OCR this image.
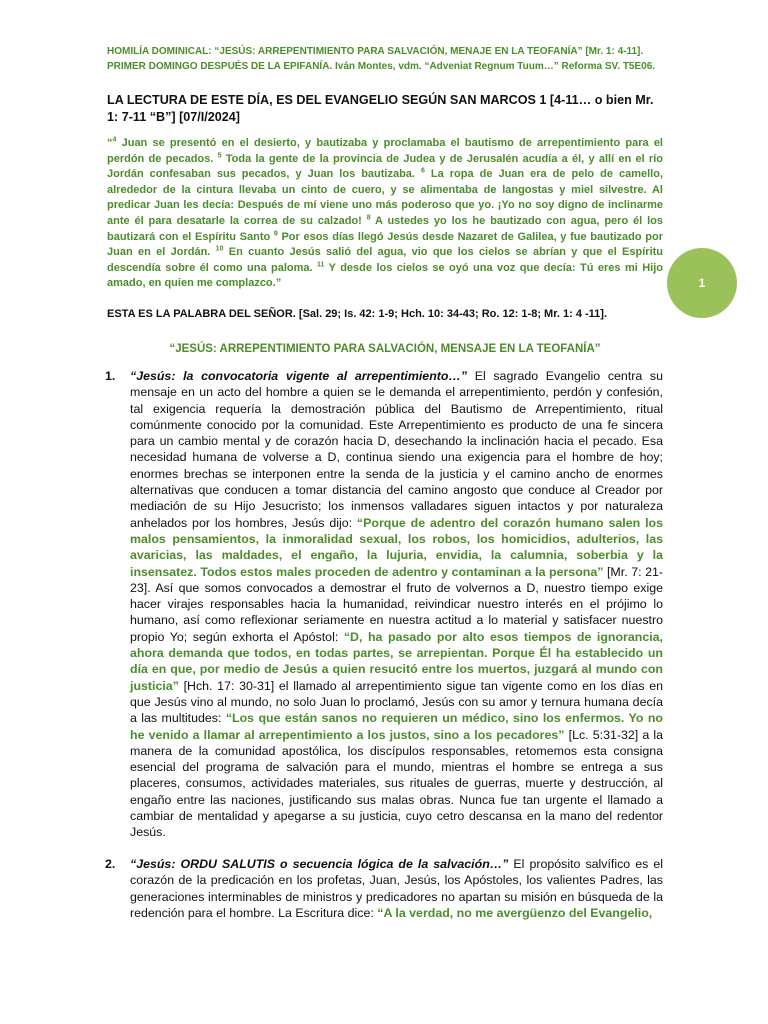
HOMILÍA DOMINICAL: “JESÚS: ARREPENTIMIENTO PARA SALVACIÓN, MENAJE EN LA TEOFANÍA” [Mr. 1: 4-11]. PRIMER DOMINGO DESPUÉS DE LA EPIFANÍA. Iván Montes, vdm. “Adveniat Regnum Tuum…” Reforma SV. T5E06.
LA LECTURA DE ESTE DÍA, ES DEL EVANGELIO SEGÚN SAN MARCOS 1 [4-11… o bien Mr. 1: 7-11 “B”] [07/I/2024]
“$^4$ Juan se presentó en el desierto, y bautizaba y proclamaba el bautismo de arrepentimiento para el perdón de pecados. $^5$ Toda la gente de la provincia de Judea y de Jerusalén acudía a él, y allí en el río Jordán confesaban sus pecados, y Juan los bautizaba. $^6$ La ropa de Juan era de pelo de camello, alrededor de la cintura llevaba un cinto de cuero, y se alimentaba de langostas y miel silvestre. Al predicar Juan les decía: Después de mí viene uno más poderoso que yo. ¡Yo no soy digno de inclinarme ante él para desatarle la correa de su calzado! $^8$ A ustedes yo los he bautizado con agua, pero él los bautizará con el Espíritu Santo $^9$ Por esos días llegó Jesús desde Nazaret de Galilea, y fue bautizado por Juan en el Jordán. $^{10}$ En cuanto Jesús salió del agua, vio que los cielos se abrían y que el Espíritu descendía sobre él como una paloma. $^{11}$ Y desde los cielos se oyó una voz que decía: Tú eres mi Hijo amado, en quien me complazco.”	1
ESTA ES LA PALABRA DEL SEÑOR. [Sal. 29; Is. 42: 1-9; Hch. 10: 34-43; Ro. 12: 1-8; Mr. 1: 4 -11].
“JESÚS: ARREPENTIMIENTO PARA SALVACIÓN, MENSAJE EN LA TEOFANÍA”
1. “Jesús: la convocatoria vigente al arrepentimiento…” El sagrado Evangelio centra su mensaje en un acto del hombre a quien se le demanda el arrepentimiento, perdón y confesión, tal exigencia requería la demostración pública del Bautismo de Arrepentimiento, ritual comúnmente conocido por la comunidad. Este Arrepentimiento es producto de una fe sincera para un cambio mental y de corazón hacia D, desechando la inclinación hacia el pecado. Esa necesidad humana de volverse a D, continua siendo una exigencia para el hombre de hoy; enormes brechas se interponen entre la senda de la justicia y el camino ancho de enormes alternativas que conducen a tomar distancia del camino angosto que conduce al Creador por mediación de su Hijo Jesucristo; los inmensos valladares siguen intactos y por naturaleza anhelados por los hombres, Jesús dijo: “Porque de adentro del corazón humano salen los malos pensamientos, la inmoralidad sexual, los robos, los homicidios, adulterios, las avaricias, las maldades, el engaño, la lujuria, envidia, la calumnia, soberbia y la insensatez. Todos estos males proceden de adentro y contaminan a la persona” [Mr. 7: 21-23]. Así que somos convocados a demostrar el fruto de volvernos a D, nuestro tiempo exige hacer virajes responsables hacia la humanidad, reivindicar nuestro interés en el prójimo lo humano, así como reflexionar seriamente en nuestra actitud a lo material y satisfacer nuestro propio Yo; según exhorta el Apóstol: “D, ha pasado por alto esos tiempos de ignorancia, ahora demanda que todos, en todas partes, se arrepientan. Porque Él ha establecido un día en que, por medio de Jesús a quien resucitó entre los muertos, juzgará al mundo con justicia” [Hch. 17: 30-31] el llamado al arrepentimiento sigue tan vigente como en los días en que Jesús vino al mundo, no solo Juan lo proclamó, Jesús con su amor y ternura humana decía a las multitudes: “Los que están sanos no requieren un médico, sino los enfermos. Yo no he venido a llamar al arrepentimiento a los justos, sino a los pecadores” [Lc. 5:31-32] a la manera de la comunidad apostólica, los discípulos responsables, retomemos esta consigna esencial del programa de salvación para el mundo, mientras el hombre se entrega a sus placeres, consumos, actividades materiales, sus rituales de guerras, muerte y destrucción, al engaño entre las naciones, justificando sus malas obras. Nunca fue tan urgente el llamado a cambiar de mentalidad y apegarse a su justicia, cuyo cetro descansa en la mano del redentor Jesús.
2. “Jesús: ORDU SALUTIS o secuencia lógica de la salvación…” El propósito salvífico es el corazón de la predicación en los profetas, Juan, Jesús, los Apóstoles, los valientes Padres, las generaciones interminables de ministros y predicadores no apartan su misión en búsqueda de la redención para el hombre. La Escritura dice: “A la verdad, no me avergüenzo del Evangelio,
